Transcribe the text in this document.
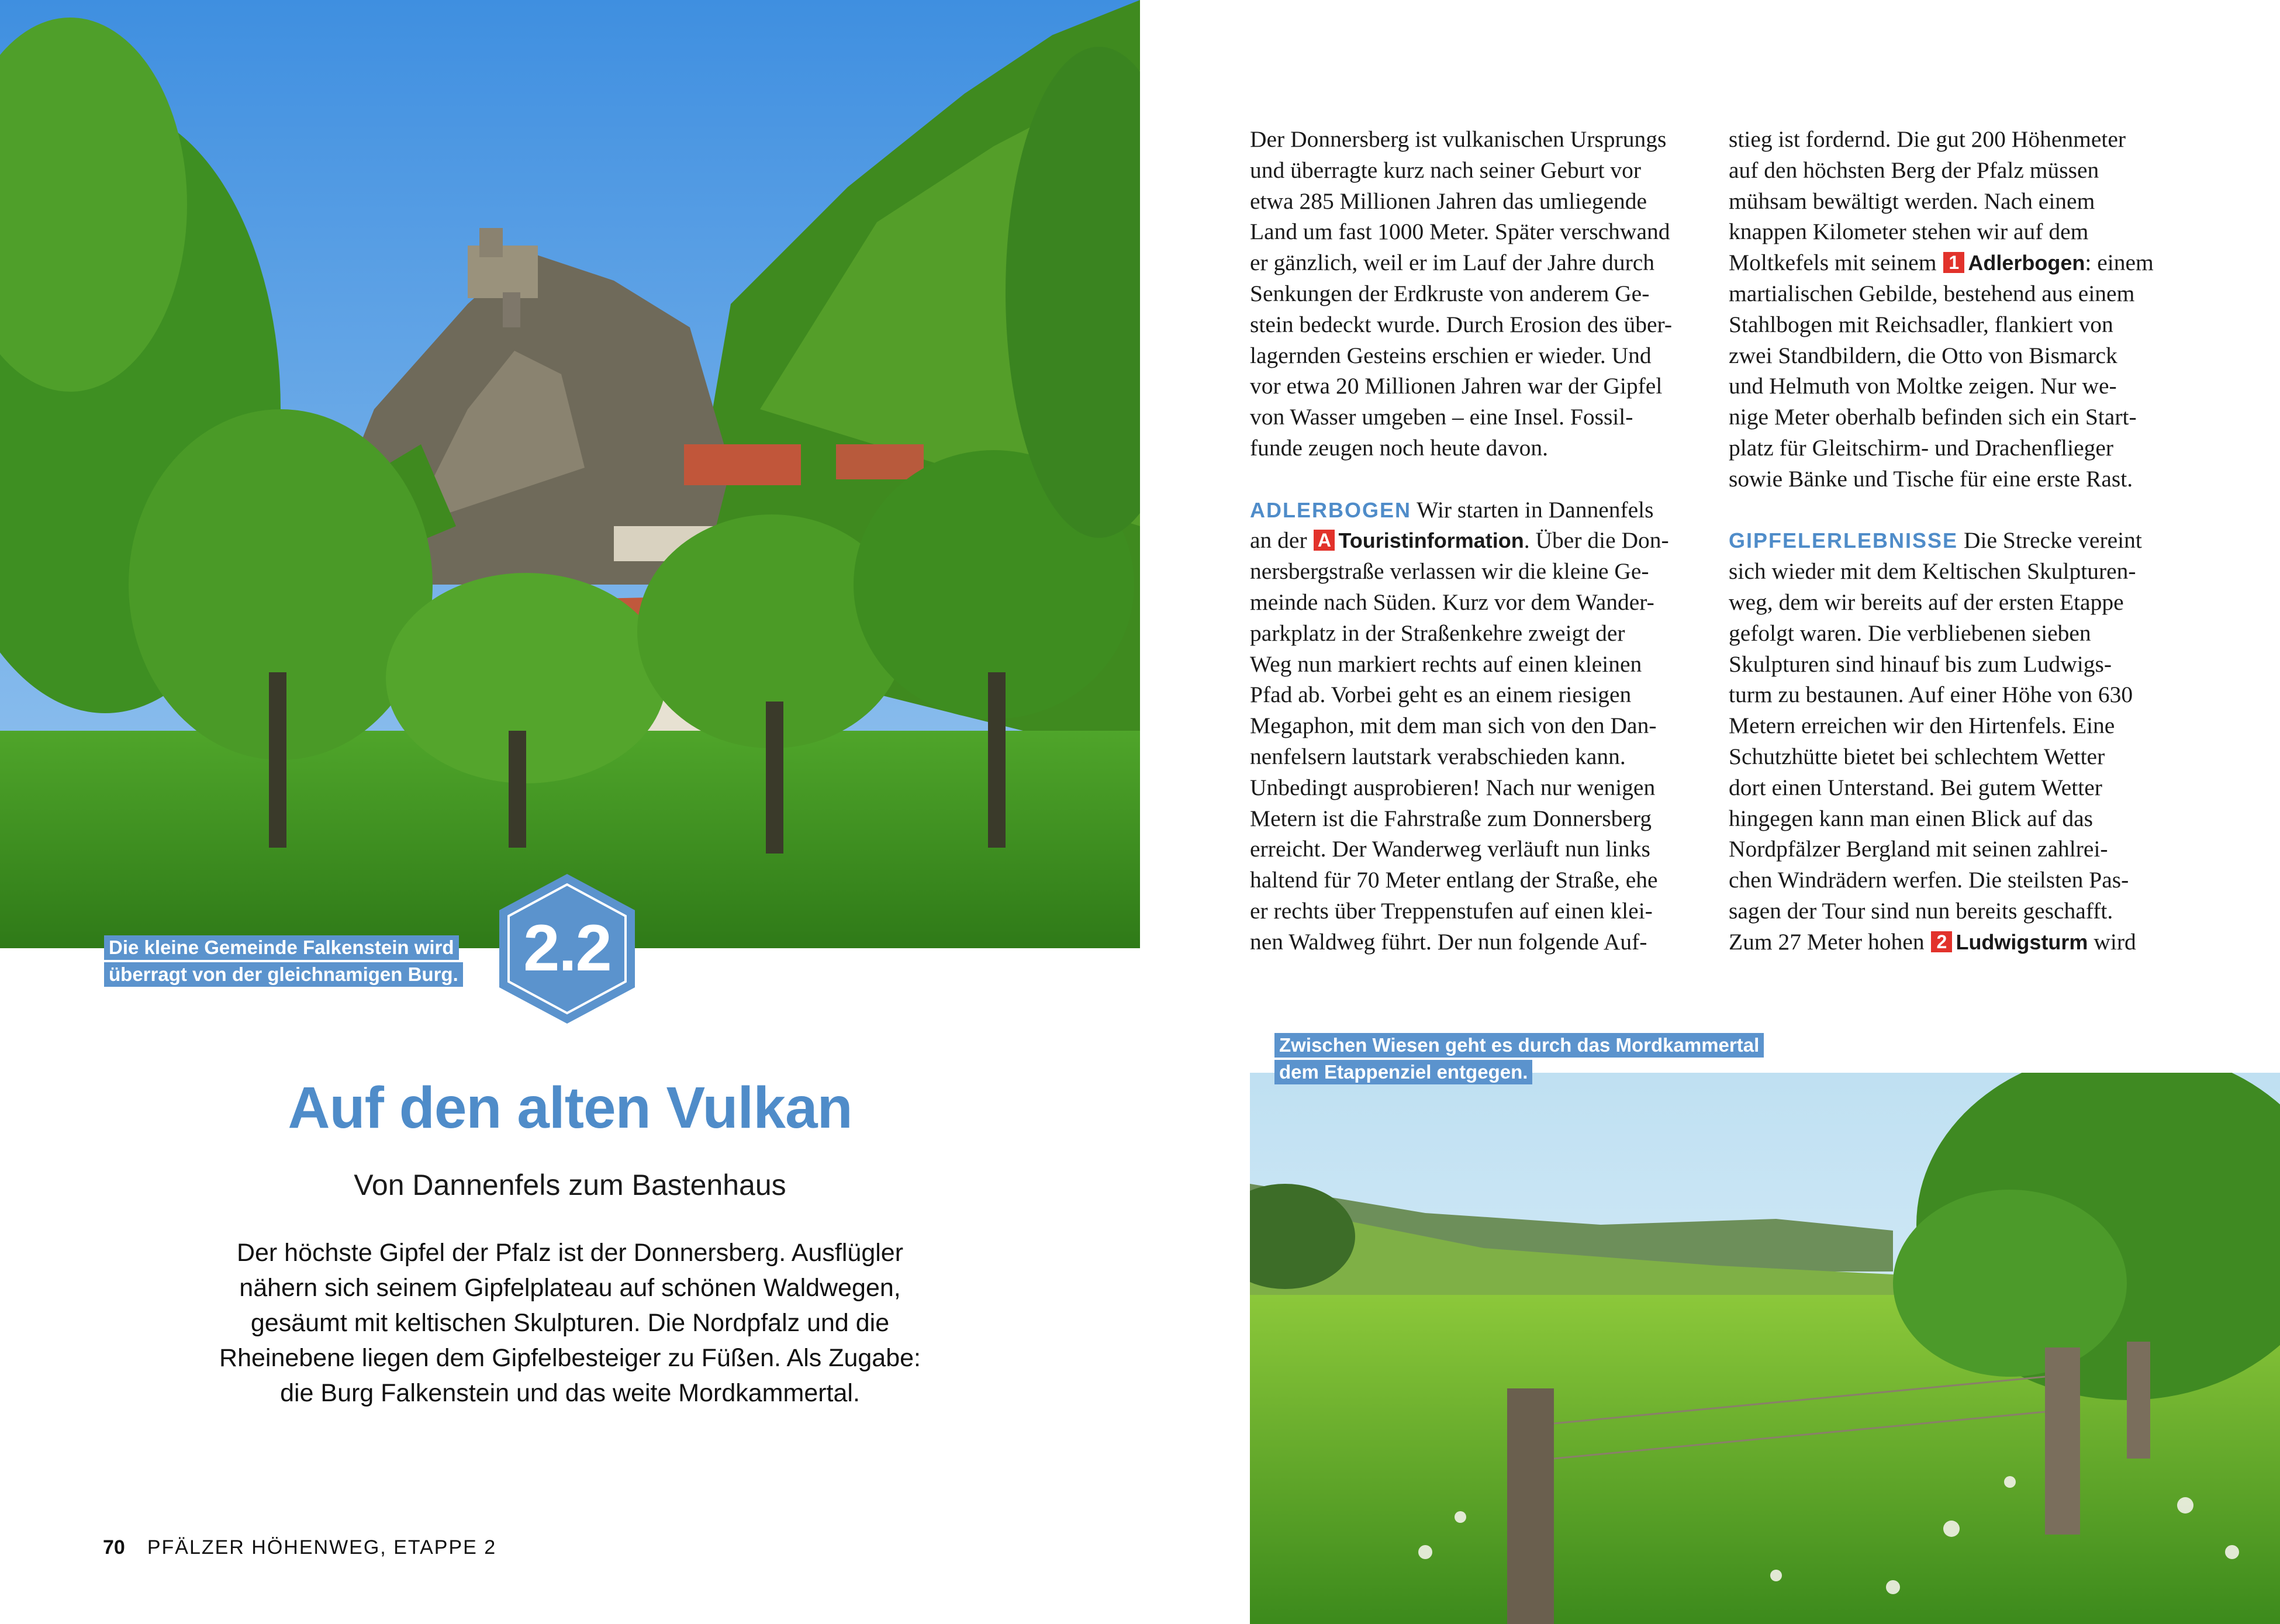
Die kleine Gemeinde Falkenstein wird
überragt von der gleichnamigen Burg. 2.2
Auf den alten Vulkan
Von Dannenfels zum Bastenhaus
Der höchste Gipfel der Pfalz ist der Donnersberg. Ausflügler
nähern sich seinem Gipfelplateau auf schönen Waldwegen,
gesäumt mit keltischen Skulpturen. Die Nordpfalz und die
Rheinebene liegen dem Gipfelbesteiger zu Füßen. Als Zugabe:
die Burg Falkenstein und das weite Mordkammertal.
70 PFÄLZER HÖHENWEG, ETAPPE 2
Der Donnersberg ist vulkanischen Ursprungs
und überragte kurz nach seiner Geburt vor
etwa 285 Millionen Jahren das umliegende
Land um fast 1000 Meter. Später verschwand
er gänzlich, weil er im Lauf der Jahre durch
Senkungen der Erdkruste von anderem Ge-
stein bedeckt wurde. Durch Erosion des über-
lagernden Gesteins erschien er wieder. Und
vor etwa 20 Millionen Jahren war der Gipfel
von Wasser umgeben – eine Insel. Fossil-
funde zeugen noch heute davon.
ADLERBOGEN Wir starten in Dannenfels
an der A Touristinformation. Über die Don-
nersbergstraße verlassen wir die kleine Ge-
meinde nach Süden. Kurz vor dem Wander-
parkplatz in der Straßenkehre zweigt der
Weg nun markiert rechts auf einen kleinen
Pfad ab. Vorbei geht es an einem riesigen
Megaphon, mit dem man sich von den Dan-
nenfelsern lautstark verabschieden kann.
Unbedingt ausprobieren! Nach nur wenigen
Metern ist die Fahrstraße zum Donnersberg
erreicht. Der Wanderweg verläuft nun links
haltend für 70 Meter entlang der Straße, ehe
er rechts über Treppenstufen auf einen klei-
nen Waldweg führt. Der nun folgende Auf-
stieg ist fordernd. Die gut 200 Höhenmeter
auf den höchsten Berg der Pfalz müssen
mühsam bewältigt werden. Nach einem
knappen Kilometer stehen wir auf dem
Moltkefels mit seinem 1 Adlerbogen: einem
martialischen Gebilde, bestehend aus einem
Stahlbogen mit Reichsadler, flankiert von
zwei Standbildern, die Otto von Bismarck
und Helmuth von Moltke zeigen. Nur we-
nige Meter oberhalb befinden sich ein Start-
platz für Gleitschirm- und Drachenflieger
sowie Bänke und Tische für eine erste Rast.
GIPFELERLEBNISSE Die Strecke vereint
sich wieder mit dem Keltischen Skulpturen-
weg, dem wir bereits auf der ersten Etappe
gefolgt waren. Die verbliebenen sieben
Skulpturen sind hinauf bis zum Ludwigs-
turm zu bestaunen. Auf einer Höhe von 630
Metern erreichen wir den Hirtenfels. Eine
Schutzhütte bietet bei schlechtem Wetter
dort einen Unterstand. Bei gutem Wetter
hingegen kann man einen Blick auf das
Nordpfälzer Bergland mit seinen zahlrei-
chen Windrädern werfen. Die steilsten Pas-
sagen der Tour sind nun bereits geschafft.
Zum 27 Meter hohen 2 Ludwigsturm wird
Zwischen Wiesen geht es durch das Mordkammertal
dem Etappenziel entgegen.
